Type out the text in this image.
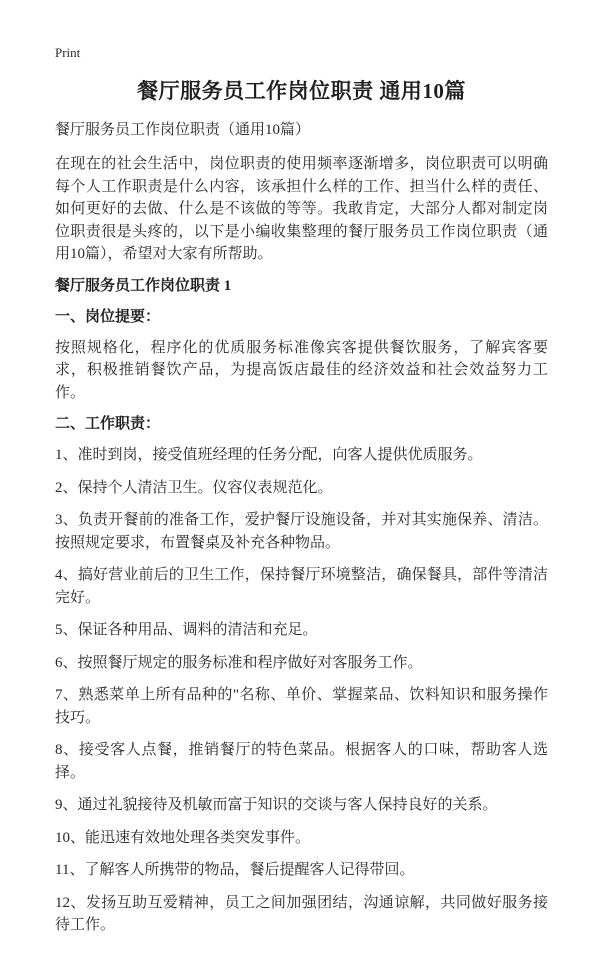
Print
餐厅服务员工作岗位职责 通用10篇

餐厅服务员工作岗位职责（通用10篇）

在现在的社会生活中，岗位职责的使用频率逐渐增多，岗位职责可以明确每个人工作职责是什么内容，该承担什么样的工作、担当什么样的责任、如何更好的去做、什么是不该做的等等。我敢肯定，大部分人都对制定岗位职责很是头疼的，以下是小编收集整理的餐厅服务员工作岗位职责（通用10篇），希望对大家有所帮助。

餐厅服务员工作岗位职责 1
一、岗位提要：

按照规格化，程序化的优质服务标准像宾客提供餐饮服务，了解宾客要求，积极推销餐饮产品，为提高饭店最佳的经济效益和社会效益努力工作。

二、工作职责：

1、准时到岗，接受值班经理的任务分配，向客人提供优质服务。

2、保持个人清洁卫生。仪容仪表规范化。

3、负责开餐前的准备工作，爱护餐厅设施设备，并对其实施保养、清洁。按照规定要求，布置餐桌及补充各种物品。

4、搞好营业前后的卫生工作，保持餐厅环境整洁，确保餐具，部件等清洁完好。

5、保证各种用品、调料的清洁和充足。

6、按照餐厅规定的服务标准和程序做好对客服务工作。

7、熟悉菜单上所有品种的"名称、单价、掌握菜品、饮料知识和服务操作技巧。

8、接受客人点餐，推销餐厅的特色菜品。根据客人的口味，帮助客人选择。

9、通过礼貌接待及机敏而富于知识的交谈与客人保持良好的关系。

10、能迅速有效地处理各类突发事件。

11、了解客人所携带的物品，餐后提醒客人记得带回。

12、发扬互助互爱精神，员工之间加强团结，沟通谅解，共同做好服务接待工作。
